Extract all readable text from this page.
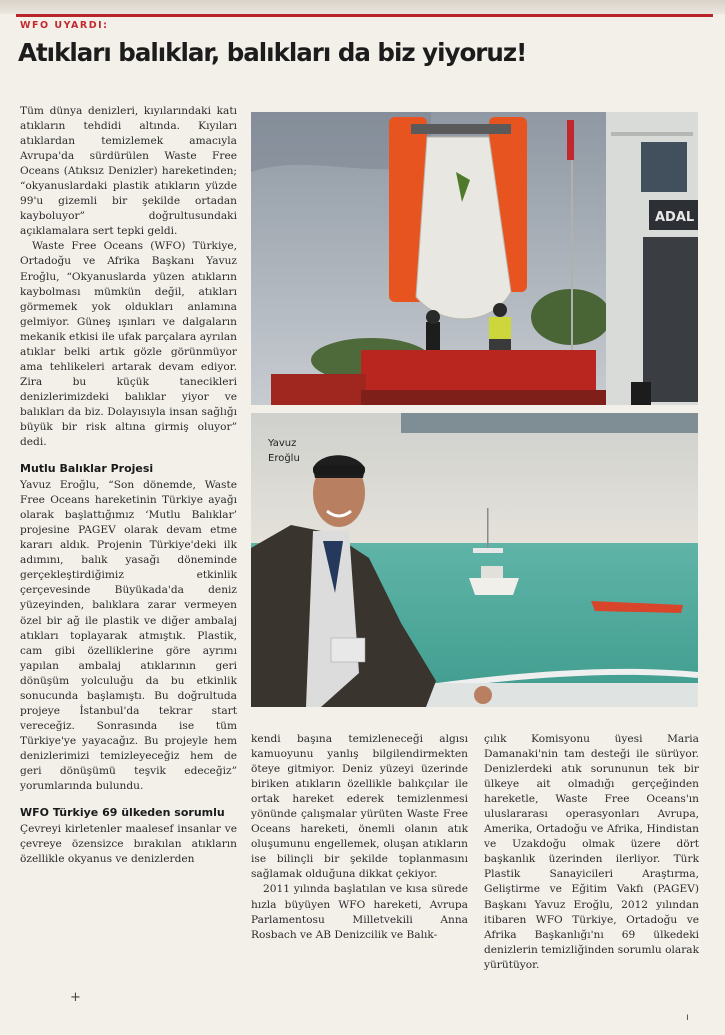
WFO UYARDI:
Atıkları balıklar, balıkları da biz yiyoruz!

Tüm dünya denizleri, kıyılarındaki katı atıkların tehdidi altında. Kıyıları atıklardan temizlemek amacıyla Avrupa'da sürdürülen Waste Free Oceans (Atıksız Denizler) hareketinden; “okyanuslardaki plastik atıkların yüzde 99'u gizemli bir şekilde ortadan kayboluyor” doğrultusundaki açıklamalara sert tepki geldi.

Waste Free Oceans (WFO) Türkiye, Ortadoğu ve Afrika Başkanı Yavuz Eroğlu, “Okyanuslarda yüzen atıkların kaybolması mümkün değil, atıkları görmemek yok oldukları anlamına gelmiyor. Güneş ışınları ve dalgaların mekanik etkisi ile ufak parçalara ayrılan atıklar belki artık gözle görünmüyor ama tehlikeleri artarak devam ediyor. Zira bu küçük tanecikleri denizlerimizdeki balıklar yiyor ve balıkları da biz. Dolayısıyla insan sağlığı büyük bir risk altına girmiş oluyor” dedi.

Mutlu Balıklar Projesi

Yavuz Eroğlu, “Son dönemde, Waste Free Oceans hareketinin Türkiye ayağı olarak başlattığımız ‘Mutlu Balıklar’ projesine PAGEV olarak devam etme kararı aldık. Projenin Türkiye'deki ilk adımını, balık yasağı döneminde gerçekleştirdiğimiz etkinlik çerçevesinde Büyükada'da deniz yüzeyinden, balıklara zarar vermeyen özel bir ağ ile plastik ve diğer ambalaj atıkları toplayarak atmıştık. Plastik, cam gibi özelliklerine göre ayrımı yapılan ambalaj atıklarının geri dönüşüm yolculuğu da bu etkinlik sonucunda başlamıştı. Bu doğrultuda projeye İstanbul'da tekrar start vereceğiz. Sonrasında ise tüm Türkiye'ye yayacağız. Bu projeyle hem denizlerimizi temizleyeceğiz hem de geri dönüşümü teşvik edeceğiz” yorumlarında bulundu.

WFO Türkiye 69 ülkeden sorumlu

Çevreyi kirletenler maalesef insanlar ve çevreye özensizce bırakılan atıkların özellikle okyanus ve denizlerden

ADAL
Yavuz
Eroğlu

kendi başına temizleneceği algısı kamuoyunu yanlış bilgilendirmekten öteye gitmiyor. Deniz yüzeyi üzerinde biriken atıkların özellikle balıkçılar ile ortak hareket ederek temizlenmesi yönünde çalışmalar yürüten Waste Free Oceans hareketi, önemli olanın atık oluşumunu engellemek, oluşan atıkların ise bilinçli bir şekilde toplanmasını sağlamak olduğuna dikkat çekiyor.

2011 yılında başlatılan ve kısa sürede hızla büyüyen WFO hareketi, Avrupa Parlamentosu Milletvekili Anna Rosbach ve AB Denizcilik ve Balık-

çılık Komisyonu üyesi Maria Damanaki'nin tam desteği ile sürüyor. Denizlerdeki atık sorununun tek bir ülkeye ait olmadığı gerçeğinden hareketle, Waste Free Oceans'ın uluslararası operasyonları Avrupa, Amerika, Ortadoğu ve Afrika, Hindistan ve Uzakdoğu olmak üzere dört başkanlık üzerinden ilerliyor. Türk Plastik Sanayicileri Araştırma, Geliştirme ve Eğitim Vakfı (PAGEV) Başkanı Yavuz Eroğlu, 2012 yılından itibaren WFO Türkiye, Ortadoğu ve Afrika Başkanlığı'nı 69 ülkedeki denizlerin temizliğinden sorumlu olarak yürütüyor.

+
ı
